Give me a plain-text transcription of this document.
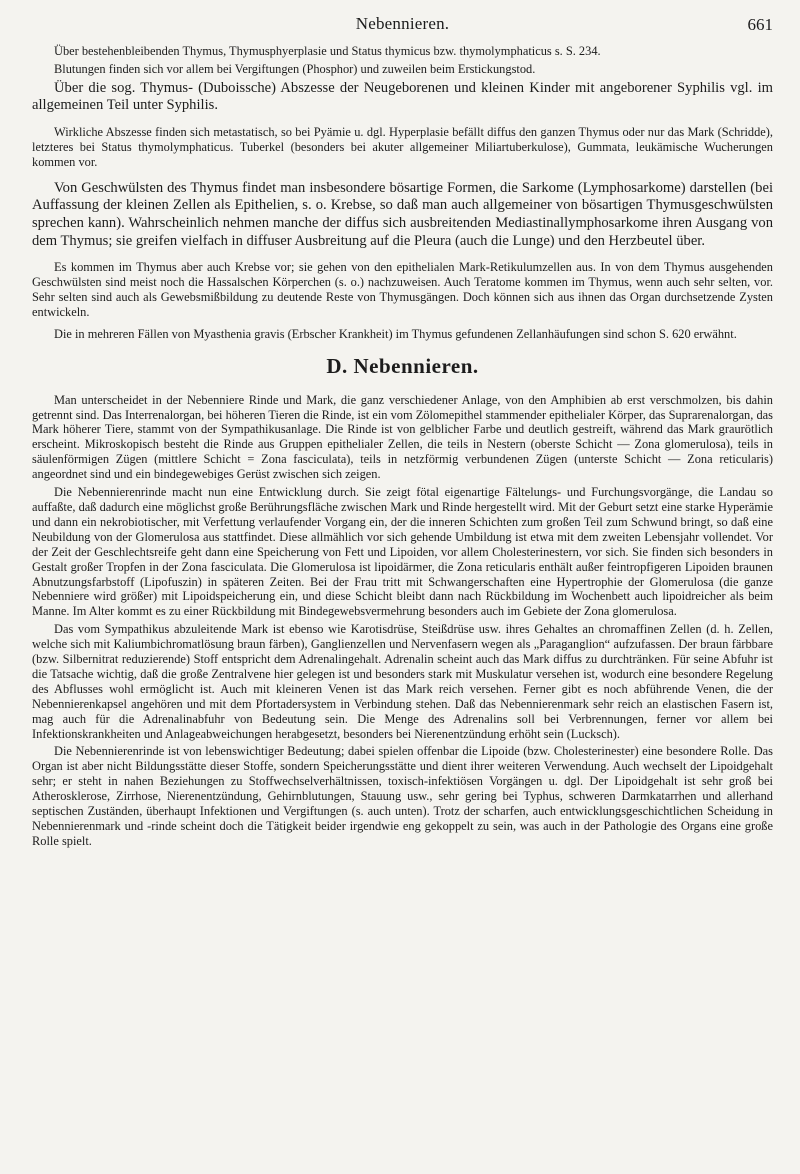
Nebennieren.	661

Über bestehenbleibenden Thymus, Thymusphyerplasie und Status thymicus bzw. thymolymphaticus s. S. 234.

Blutungen finden sich vor allem bei Vergiftungen (Phosphor) und zuweilen beim Erstickungstod.

Über die sog. Thymus- (Duboissche) Abszesse der Neugeborenen und kleinen Kinder mit angeborener Syphilis vgl. im allgemeinen Teil unter Syphilis.

Wirkliche Abszesse finden sich metastatisch, so bei Pyämie u. dgl. Hyperplasie befällt diffus den ganzen Thymus oder nur das Mark (Schridde), letzteres bei Status thymolymphaticus. Tuberkel (besonders bei akuter allgemeiner Miliartuberkulose), Gummata, leukämische Wucherungen kommen vor.

Von Geschwülsten des Thymus findet man insbesondere bösartige Formen, die Sarkome (Lymphosarkome) darstellen (bei Auffassung der kleinen Zellen als Epithelien, s. o. Krebse, so daß man auch allgemeiner von bösartigen Thymusgeschwülsten sprechen kann). Wahrscheinlich nehmen manche der diffus sich ausbreitenden Mediastinallymphosarkome ihren Ausgang von dem Thymus; sie greifen vielfach in diffuser Ausbreitung auf die Pleura (auch die Lunge) und den Herzbeutel über.

Es kommen im Thymus aber auch Krebse vor; sie gehen von den epithelialen Mark-Retikulumzellen aus. In von dem Thymus ausgehenden Geschwülsten sind meist noch die Hassalschen Körperchen (s. o.) nachzuweisen. Auch Teratome kommen im Thymus, wenn auch sehr selten, vor. Sehr selten sind auch als Gewebsmißbildung zu deutende Reste von Thymusgängen. Doch können sich aus ihnen das Organ durchsetzende Zysten entwickeln.

Die in mehreren Fällen von Myasthenia gravis (Erbscher Krankheit) im Thymus gefundenen Zellanhäufungen sind schon S. 620 erwähnt.

D. Nebennieren.

Man unterscheidet in der Nebenniere Rinde und Mark, die ganz verschiedener Anlage, von den Amphibien ab erst verschmolzen, bis dahin getrennt sind. Das Interrenalorgan, bei höheren Tieren die Rinde, ist ein vom Zölomepithel stammender epithelialer Körper, das Suprarenalorgan, das Mark höherer Tiere, stammt von der Sympathikusanlage. Die Rinde ist von gelblicher Farbe und deutlich gestreift, während das Mark graurötlich erscheint. Mikroskopisch besteht die Rinde aus Gruppen epithelialer Zellen, die teils in Nestern (oberste Schicht — Zona glomerulosa), teils in säulenförmigen Zügen (mittlere Schicht = Zona fasciculata), teils in netzförmig verbundenen Zügen (unterste Schicht — Zona reticularis) angeordnet sind und ein bindegewebiges Gerüst zwischen sich zeigen.

Die Nebennierenrinde macht nun eine Entwicklung durch. Sie zeigt fötal eigenartige Fältelungs- und Furchungsvorgänge, die Landau so auffaßte, daß dadurch eine möglichst große Berührungsfläche zwischen Mark und Rinde hergestellt wird. Mit der Geburt setzt eine starke Hyperämie und dann ein nekrobiotischer, mit Verfettung verlaufender Vorgang ein, der die inneren Schichten zum großen Teil zum Schwund bringt, so daß eine Neubildung von der Glomerulosa aus stattfindet. Diese allmählich vor sich gehende Umbildung ist etwa mit dem zweiten Lebensjahr vollendet. Vor der Zeit der Geschlechtsreife geht dann eine Speicherung von Fett und Lipoiden, vor allem Cholesterinestern, vor sich. Sie finden sich besonders in Gestalt großer Tropfen in der Zona fasciculata. Die Glomerulosa ist lipoidärmer, die Zona reticularis enthält außer feintropfigeren Lipoiden braunen Abnutzungsfarbstoff (Lipofuszin) in späteren Zeiten. Bei der Frau tritt mit Schwangerschaften eine Hypertrophie der Glomerulosa (die ganze Nebenniere wird größer) mit Lipoidspeicherung ein, und diese Schicht bleibt dann nach Rückbildung im Wochenbett auch lipoidreicher als beim Manne. Im Alter kommt es zu einer Rückbildung mit Bindegewebsvermehrung besonders auch im Gebiete der Zona glomerulosa.

Das vom Sympathikus abzuleitende Mark ist ebenso wie Karotisdrüse, Steißdrüse usw. ihres Gehaltes an chromaffinen Zellen (d. h. Zellen, welche sich mit Kaliumbichromatlösung braun färben), Ganglienzellen und Nervenfasern wegen als „Paraganglion“ aufzufassen. Der braun färbbare (bzw. Silbernitrat reduzierende) Stoff entspricht dem Adrenalingehalt. Adrenalin scheint auch das Mark diffus zu durchtränken. Für seine Abfuhr ist die Tatsache wichtig, daß die große Zentralvene hier gelegen ist und besonders stark mit Muskulatur versehen ist, wodurch eine besondere Regelung des Abflusses wohl ermöglicht ist. Auch mit kleineren Venen ist das Mark reich versehen. Ferner gibt es noch abführende Venen, die der Nebennierenkapsel angehören und mit dem Pfortadersystem in Verbindung stehen. Daß das Nebennierenmark sehr reich an elastischen Fasern ist, mag auch für die Adrenalinabfuhr von Bedeutung sein. Die Menge des Adrenalins soll bei Verbrennungen, ferner vor allem bei Infektionskrankheiten und Anlageabweichungen herabgesetzt, besonders bei Nierenentzündung erhöht sein (Lucksch).

Die Nebennierenrinde ist von lebenswichtiger Bedeutung; dabei spielen offenbar die Lipoide (bzw. Cholesterinester) eine besondere Rolle. Das Organ ist aber nicht Bildungsstätte dieser Stoffe, sondern Speicherungsstätte und dient ihrer weiteren Verwendung. Auch wechselt der Lipoidgehalt sehr; er steht in nahen Beziehungen zu Stoffwechselverhältnissen, toxisch-infektiösen Vorgängen u. dgl. Der Lipoidgehalt ist sehr groß bei Atherosklerose, Zirrhose, Nierenentzündung, Gehirnblutungen, Stauung usw., sehr gering bei Typhus, schweren Darmkatarrhen und allerhand septischen Zuständen, überhaupt Infektionen und Vergiftungen (s. auch unten). Trotz der scharfen, auch entwicklungsgeschichtlichen Scheidung in Nebennierenmark und -rinde scheint doch die Tätigkeit beider irgendwie eng gekoppelt zu sein, was auch in der Pathologie des Organs eine große Rolle spielt.
